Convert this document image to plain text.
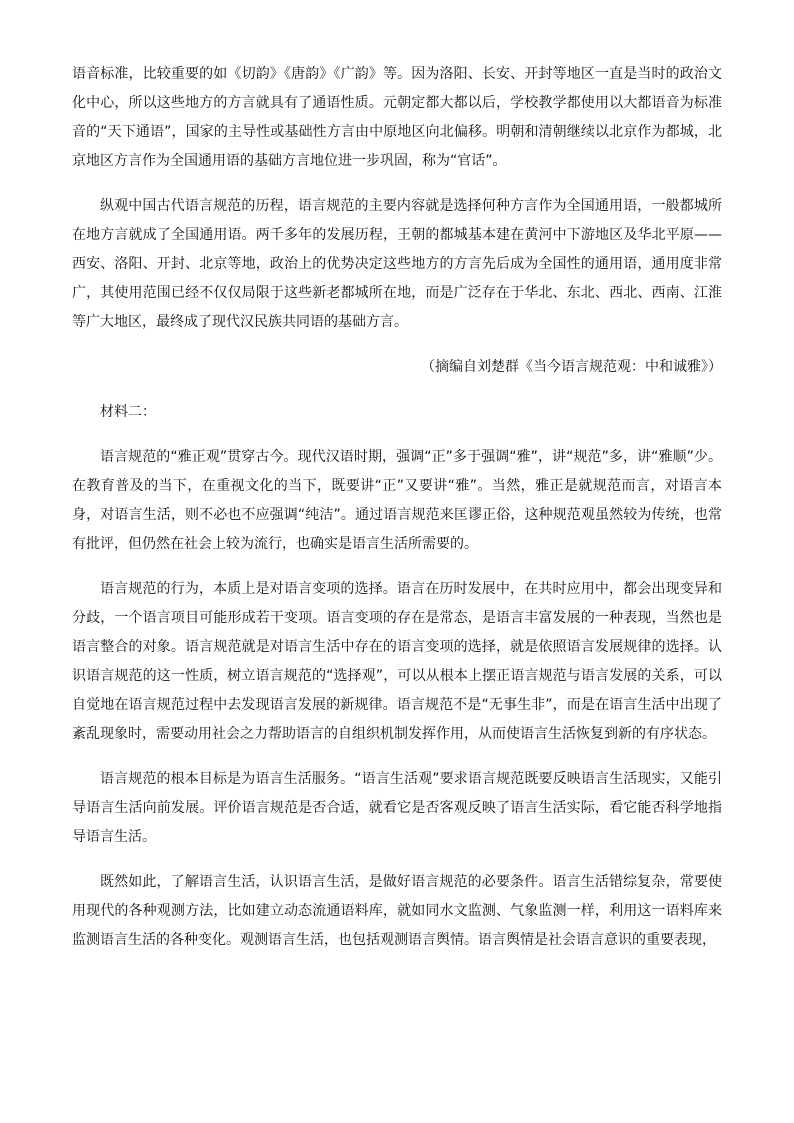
语音标准，比较重要的如《切韵》《唐韵》《广韵》等。因为洛阳、长安、开封等地区一直是当时的政治文化中心，所以这些地方的方言就具有了通语性质。元朝定都大都以后，学校教学都使用以大都语音为标准音的“天下通语”，国家的主导性或基础性方言由中原地区向北偏移。明朝和清朝继续以北京作为都城，北京地区方言作为全国通用语的基础方言地位进一步巩固，称为“官话”。

纵观中国古代语言规范的历程，语言规范的主要内容就是选择何种方言作为全国通用语，一般都城所在地方言就成了全国通用语。两千多年的发展历程，王朝的都城基本建在黄河中下游地区及华北平原——西安、洛阳、开封、北京等地，政治上的优势决定这些地方的方言先后成为全国性的通用语，通用度非常广，其使用范围已经不仅仅局限于这些新老都城所在地，而是广泛存在于华北、东北、西北、西南、江淮等广大地区，最终成了现代汉民族共同语的基础方言。

（摘编自刘楚群《当今语言规范观：中和诚雅》）

材料二：

语言规范的“雅正观”贯穿古今。现代汉语时期，强调“正”多于强调“雅”，讲“规范”多，讲“雅顺”少。在教育普及的当下，在重视文化的当下，既要讲“正”又要讲“雅”。当然，雅正是就规范而言，对语言本身，对语言生活，则不必也不应强调“纯洁”。通过语言规范来匡谬正俗，这种规范观虽然较为传统，也常有批评，但仍然在社会上较为流行，也确实是语言生活所需要的。

语言规范的行为，本质上是对语言变项的选择。语言在历时发展中，在共时应用中，都会出现变异和分歧，一个语言项目可能形成若干变项。语言变项的存在是常态，是语言丰富发展的一种表现，当然也是语言整合的对象。语言规范就是对语言生活中存在的语言变项的选择，就是依照语言发展规律的选择。认识语言规范的这一性质，树立语言规范的“选择观”，可以从根本上摆正语言规范与语言发展的关系，可以自觉地在语言规范过程中去发现语言发展的新规律。语言规范不是“无事生非”，而是在语言生活中出现了紊乱现象时，需要动用社会之力帮助语言的自组织机制发挥作用，从而使语言生活恢复到新的有序状态。

语言规范的根本目标是为语言生活服务。“语言生活观”要求语言规范既要反映语言生活现实，又能引导语言生活向前发展。评价语言规范是否合适，就看它是否客观反映了语言生活实际，看它能否科学地指导语言生活。

既然如此，了解语言生活，认识语言生活，是做好语言规范的必要条件。语言生活错综复杂，常要使用现代的各种观测方法，比如建立动态流通语料库，就如同水文监测、气象监测一样，利用这一语料库来监测语言生活的各种变化。观测语言生活，也包括观测语言舆情。语言舆情是社会语言意识的重要表现，
